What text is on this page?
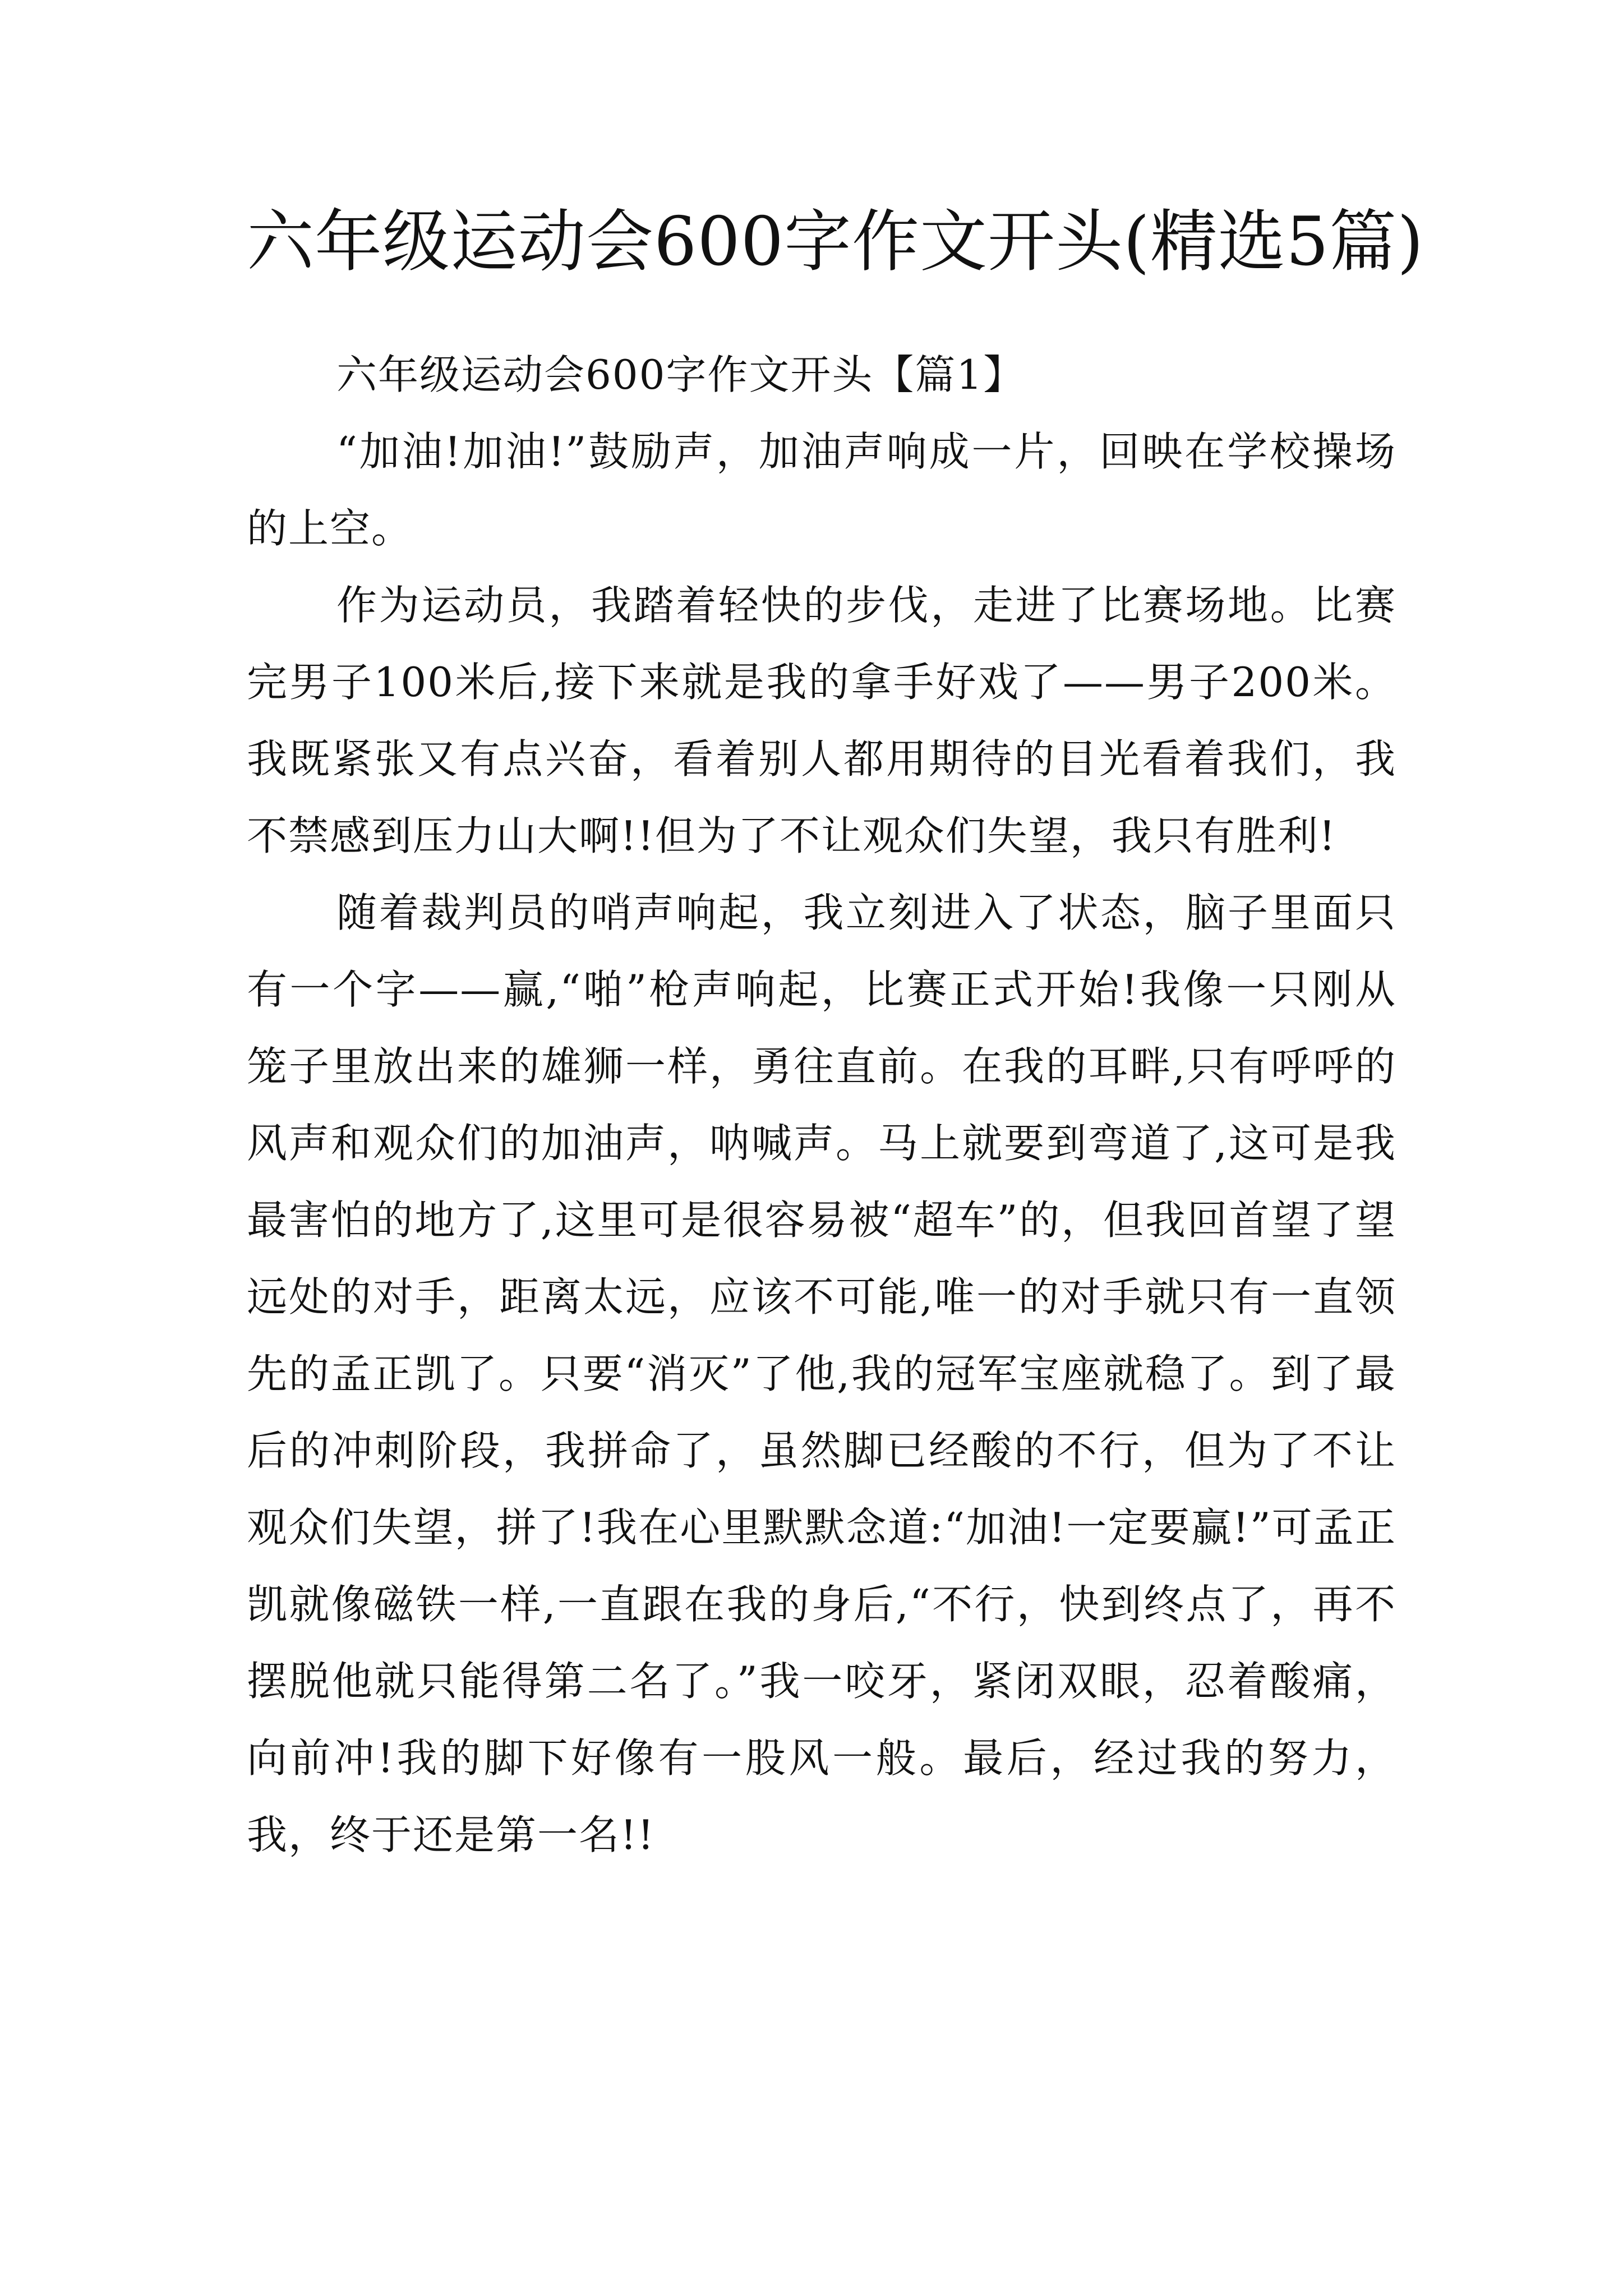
六年级运动会600字作文开头(精选5篇)

六年级运动会600字作文开头【篇1】

“加油!加油!”鼓励声，加油声响成一片，回映在学校操场的上空。

作为运动员，我踏着轻快的步伐，走进了比赛场地。比赛完男子100米后,接下来就是我的拿手好戏了——男子200米。我既紧张又有点兴奋，看着别人都用期待的目光看着我们，我不禁感到压力山大啊!!但为了不让观众们失望，我只有胜利!

随着裁判员的哨声响起，我立刻进入了状态，脑子里面只有一个字——赢,“啪”枪声响起，比赛正式开始!我像一只刚从笼子里放出来的雄狮一样，勇往直前。在我的耳畔,只有呼呼的风声和观众们的加油声，呐喊声。马上就要到弯道了,这可是我最害怕的地方了,这里可是很容易被“超车”的，但我回首望了望远处的对手，距离太远，应该不可能,唯一的对手就只有一直领先的孟正凯了。只要“消灭”了他,我的冠军宝座就稳了。到了最后的冲刺阶段，我拼命了，虽然脚已经酸的不行，但为了不让观众们失望，拼了!我在心里默默念道:“加油!一定要赢!”可孟正凯就像磁铁一样,一直跟在我的身后,“不行，快到终点了，再不摆脱他就只能得第二名了。”我一咬牙，紧闭双眼，忍着酸痛，向前冲!我的脚下好像有一股风一般。最后，经过我的努力，我，终于还是第一名!!
